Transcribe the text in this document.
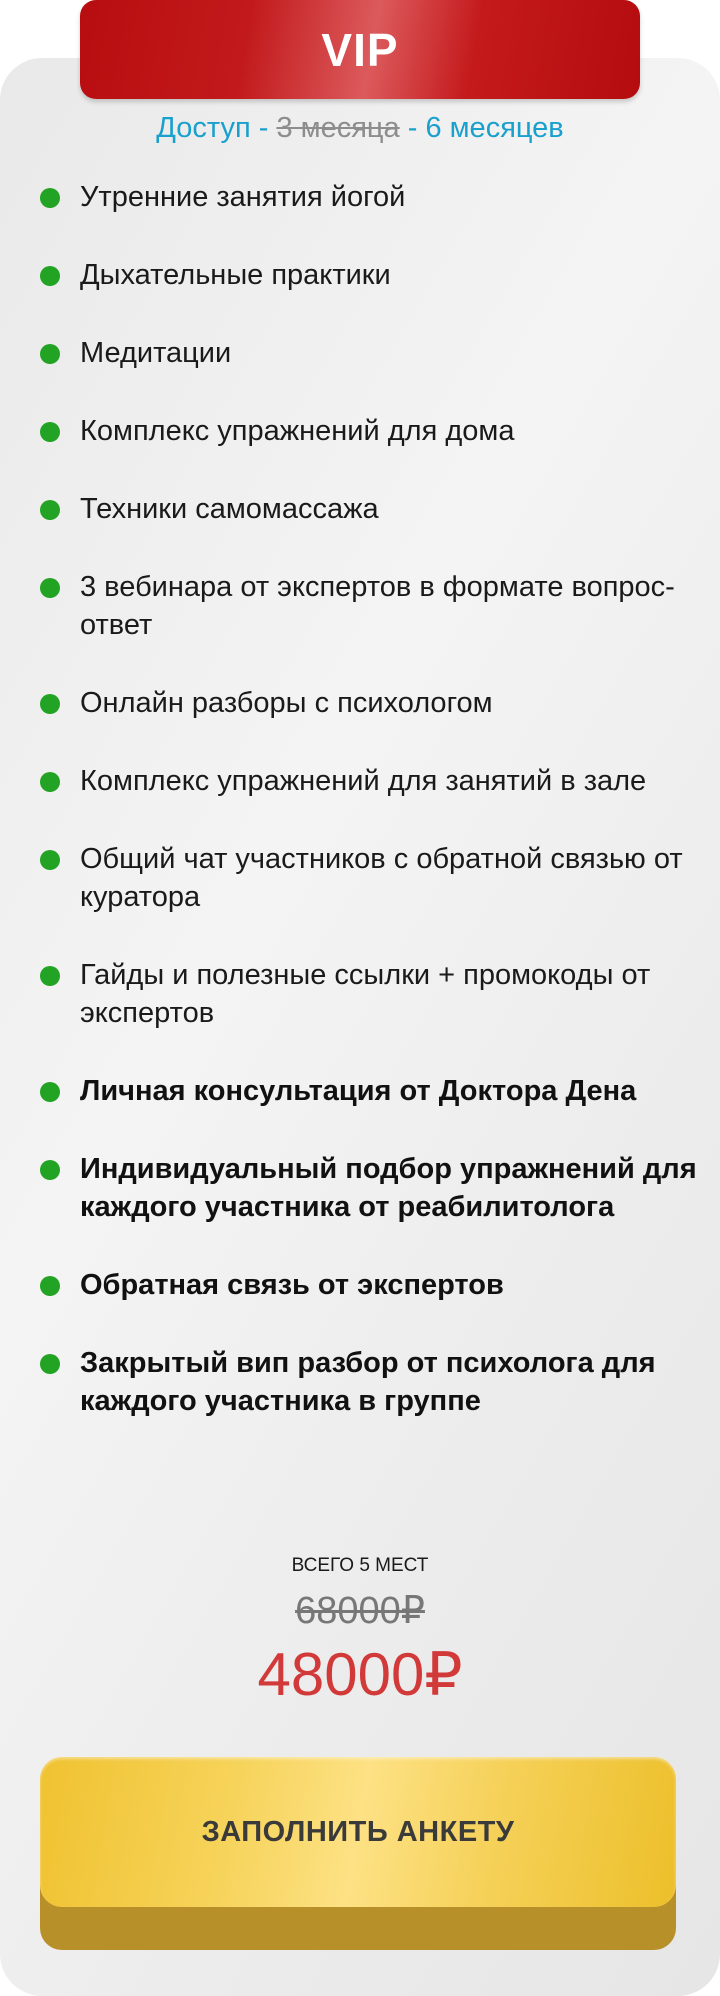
VIP
Доступ - 3 месяца - 6 месяцев
Утренние занятия йогой
Дыхательные практики
Медитации
Комплекс упражнений для дома
Техники самомассажа
3 вебинара от экспертов в формате вопрос-ответ
Онлайн разборы с психологом
Комплекс упражнений для занятий в зале
Общий чат участников с обратной связью от куратора
Гайды и полезные ссылки + промокоды от экспертов
Личная консультация от Доктора Дена
Индивидуальный подбор упражнений для каждого участника от реабилитолога
Обратная связь от экспертов
Закрытый вип разбор от психолога для каждого участника в группе
ВСЕГО 5 МЕСТ
68000₽
48000₽
ЗАПОЛНИТЬ АНКЕТУ
